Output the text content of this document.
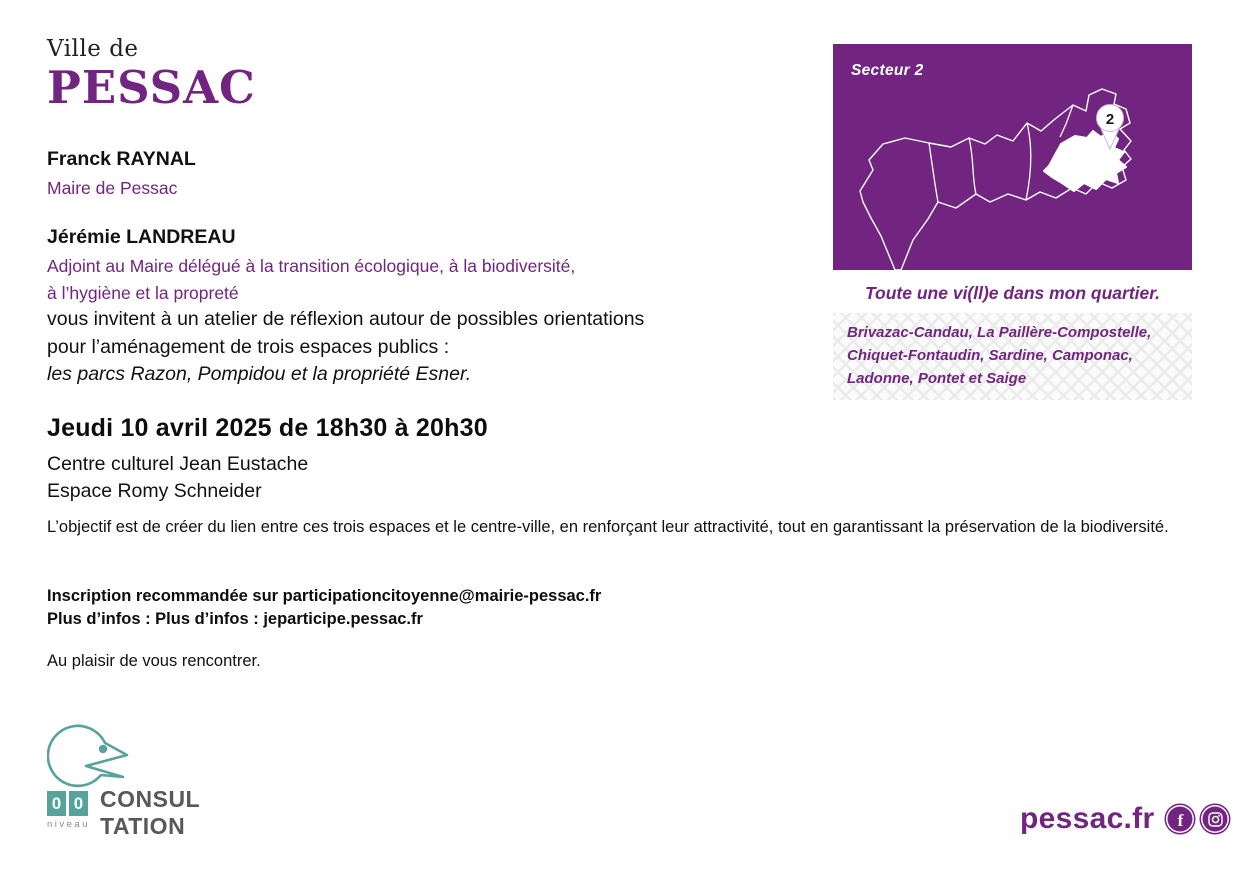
Ville de
PESSAC
Franck RAYNAL
Maire de Pessac
Jérémie LANDREAU
Adjoint au Maire délégué à la transition écologique, à la biodiversité,
à l’hygiène et la propreté
vous invitent à un atelier de réflexion autour de possibles orientations
pour l’aménagement de trois espaces publics :
les parcs Razon, Pompidou et la propriété Esner.
Jeudi 10 avril 2025 de 18h30 à 20h30
Centre culturel Jean Eustache
Espace Romy Schneider
L’objectif est de créer du lien entre ces trois espaces et le centre-ville, en renforçant leur attractivité, tout en garantissant la préservation de la biodiversité.
Inscription recommandée sur participationcitoyenne@mairie-pessac.fr
Plus d’infos : Plus d’infos : jeparticipe.pessac.fr
Au plaisir de vous rencontrer.
2
Secteur 2
Toute une vi(ll)e dans mon quartier.
Brivazac-Candau, La Paillère-Compostelle,
Chiquet-Fontaudin, Sardine, Camponac,
Ladonne, Pontet et Saige
0 0
niveau
CONSUL
TATION	pessac.fr f
